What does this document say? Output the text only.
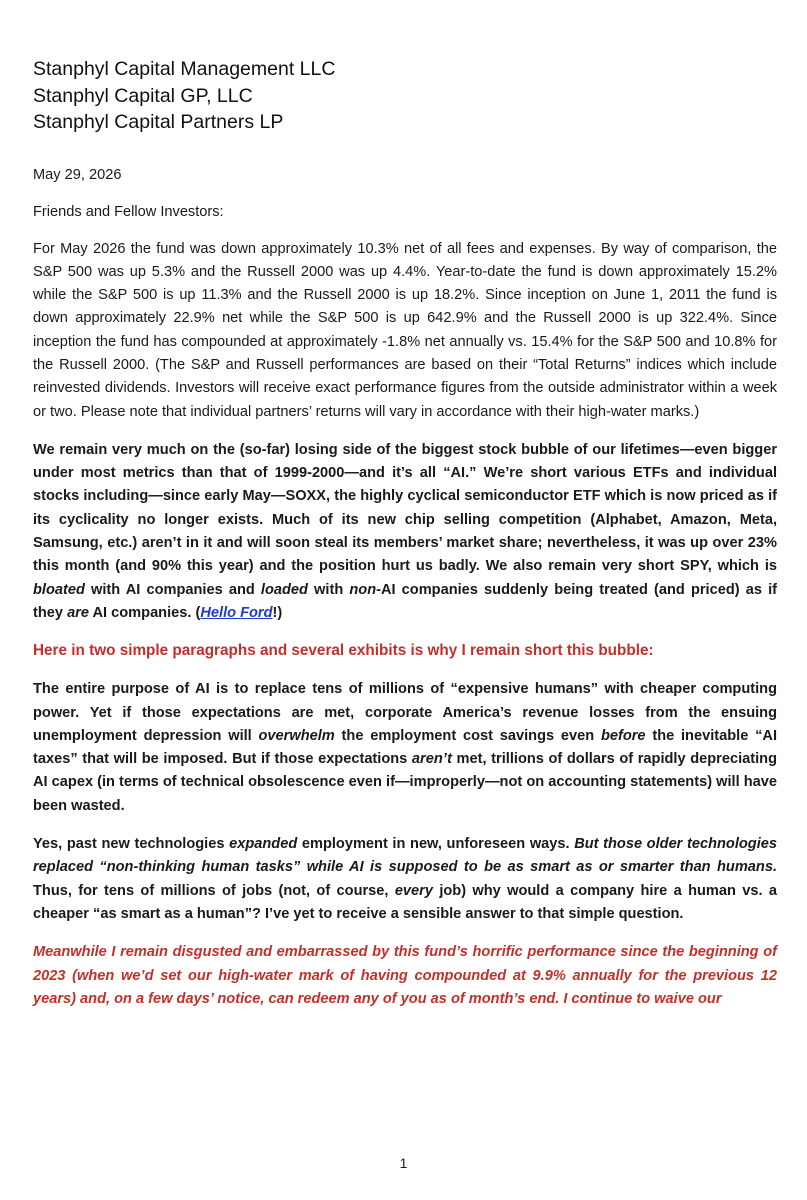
Stanphyl Capital Management LLC
Stanphyl Capital GP, LLC
Stanphyl Capital Partners LP
May 29, 2026
Friends and Fellow Investors:

For May 2026 the fund was down approximately 10.3% net of all fees and expenses. By way of comparison, the S&P 500 was up 5.3% and the Russell 2000 was up 4.4%. Year-to-date the fund is down approximately 15.2% while the S&P 500 is up 11.3% and the Russell 2000 is up 18.2%. Since inception on June 1, 2011 the fund is down approximately 22.9% net while the S&P 500 is up 642.9% and the Russell 2000 is up 322.4%. Since inception the fund has compounded at approximately -1.8% net annually vs. 15.4% for the S&P 500 and 10.8% for the Russell 2000. (The S&P and Russell performances are based on their “Total Returns” indices which include reinvested dividends. Investors will receive exact performance figures from the outside administrator within a week or two. Please note that individual partners’ returns will vary in accordance with their high-water marks.)

We remain very much on the (so-far) losing side of the biggest stock bubble of our lifetimes—even bigger under most metrics than that of 1999-2000—and it’s all “AI.” We’re short various ETFs and individual stocks including—since early May—SOXX, the highly cyclical semiconductor ETF which is now priced as if its cyclicality no longer exists. Much of its new chip selling competition (Alphabet, Amazon, Meta, Samsung, etc.) aren’t in it and will soon steal its members’ market share; nevertheless, it was up over 23% this month (and 90% this year) and the position hurt us badly. We also remain very short SPY, which is bloated with AI companies and loaded with non-AI companies suddenly being treated (and priced) as if they are AI companies. (Hello Ford!)

Here in two simple paragraphs and several exhibits is why I remain short this bubble:

The entire purpose of AI is to replace tens of millions of “expensive humans” with cheaper computing power. Yet if those expectations are met, corporate America’s revenue losses from the ensuing unemployment depression will overwhelm the employment cost savings even before the inevitable “AI taxes” that will be imposed. But if those expectations aren’t met, trillions of dollars of rapidly depreciating AI capex (in terms of technical obsolescence even if—improperly—not on accounting statements) will have been wasted.

Yes, past new technologies expanded employment in new, unforeseen ways. But those older technologies replaced “non-thinking human tasks” while AI is supposed to be as smart as or smarter than humans. Thus, for tens of millions of jobs (not, of course, every job) why would a company hire a human vs. a cheaper “as smart as a human”? I’ve yet to receive a sensible answer to that simple question.

Meanwhile I remain disgusted and embarrassed by this fund’s horrific performance since the beginning of 2023 (when we’d set our high-water mark of having compounded at 9.9% annually for the previous 12 years) and, on a few days’ notice, can redeem any of you as of month’s end. I continue to waive our

1
